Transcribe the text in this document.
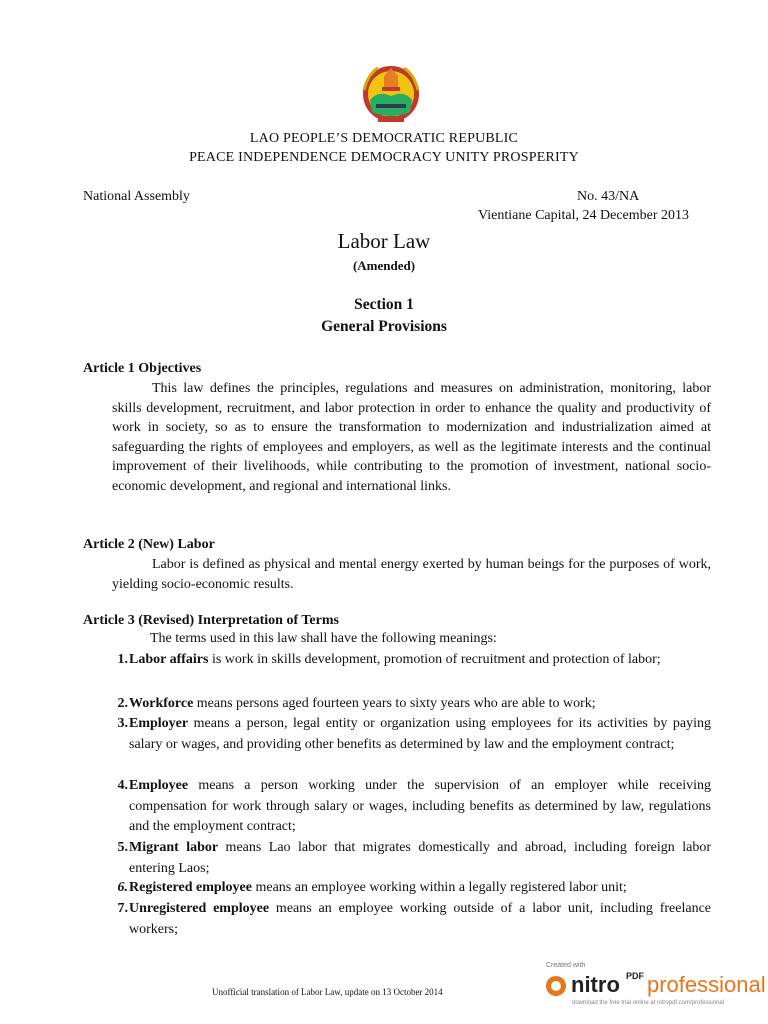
LAO PEOPLE’S DEMOCRATIC REPUBLIC
PEACE INDEPENDENCE DEMOCRACY UNITY PROSPERITY
National Assembly	No. 43/NA
Vientiane Capital, 24 December 2013
Labor Law
(Amended)
Section 1
General Provisions
Article 1 Objectives
This law defines the principles, regulations and measures on administration, monitoring, labor skills development, recruitment, and labor protection in order to enhance the quality and productivity of work in society, so as to ensure the transformation to modernization and industrialization aimed at safeguarding the rights of employees and employers, as well as the legitimate interests and the continual improvement of their livelihoods, while contributing to the promotion of investment, national socio-economic development, and regional and international links.
Article 2 (New) Labor
Labor is defined as physical and mental energy exerted by human beings for the purposes of work, yielding socio-economic results.
Article 3 (Revised) Interpretation of Terms
The terms used in this law shall have the following meanings:
1. Labor affairs is work in skills development, promotion of recruitment and protection of labor;
2. Workforce means persons aged fourteen years to sixty years who are able to work;
3. Employer means a person, legal entity or organization using employees for its activities by paying salary or wages, and providing other benefits as determined by law and the employment contract;
4. Employee means a person working under the supervision of an employer while receiving compensation for work through salary or wages, including benefits as determined by law, regulations and the employment contract;
5. Migrant labor means Lao labor that migrates domestically and abroad, including foreign labor entering Laos;
6. Registered employee means an employee working within a legally registered labor unit;
7. Unregistered employee means an employee working outside of a labor unit, including freelance workers;
Unofficial translation of Labor Law, update on 13 October 2014
Created with
nitro PDF professional
download the free trial online at nitropdf.com/professional
